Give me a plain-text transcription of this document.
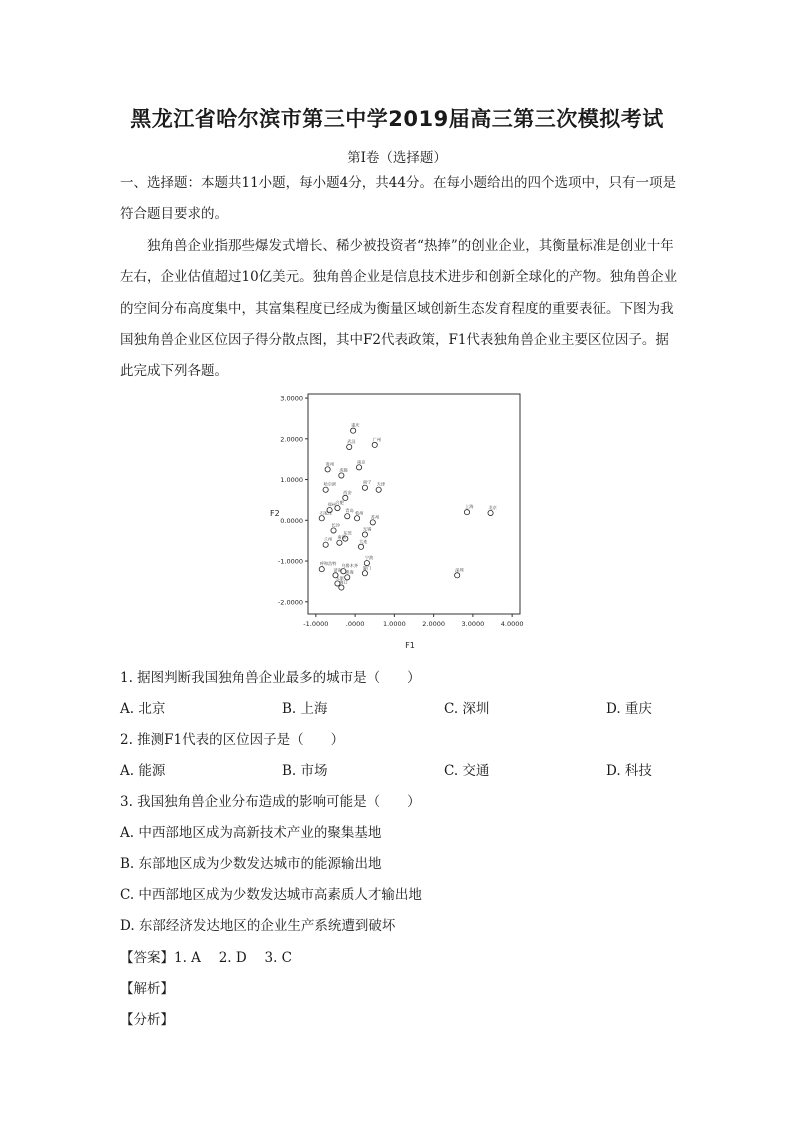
黑龙江省哈尔滨市第三中学2019届高三第三次模拟考试
第I卷（选择题）
一、选择题：本题共11小题，每小题4分，共44分。在每小题给出的四个选项中，只有一项是符合题目要求的。
独角兽企业指那些爆发式增长、稀少被投资者“热捧”的创业企业，其衡量标准是创业十年左右，企业估值超过10亿美元。独角兽企业是信息技术进步和创新全球化的产物。独角兽企业的空间分布高度集中，其富集程度已经成为衡量区域创新生态发育程度的重要表征。下图为我国独角兽企业区位因子得分散点图，其中F2代表政策，F1代表独角兽企业主要区位因子。据此完成下列各题。
3.0000
2.0000
1.0000
0.0000
-1.0000
-2.0000
-1.0000	.0000	1.0000	2.0000	3.0000	4.0000
重庆
武汉	广州
贵州
成都
南京
哈尔滨	南宁 天津
西安
郑州 合肥
青岛
石家庄	杭州
苏州
长沙
东莞
无锡
兰州 南昌
大连
宁波
呼和浩特 乌鲁木齐 厦门
济南 珠海
太原
海口
上海	北京
深圳
F1
F2
1. 据图判断我国独角兽企业最多的城市是（　　）
A. 北京	B. 上海	C. 深圳	D. 重庆
2. 推测F1代表的区位因子是（　　）
A. 能源	B. 市场	C. 交通	D. 科技
3. 我国独角兽企业分布造成的影响可能是（　　）
A. 中西部地区成为高新技术产业的聚集基地
B. 东部地区成为少数发达城市的能源输出地
C. 中西部地区成为少数发达城市高素质人才输出地
D. 东部经济发达地区的企业生产系统遭到破坏
【答案】1. A　 2. D　 3. C
【解析】
【分析】
